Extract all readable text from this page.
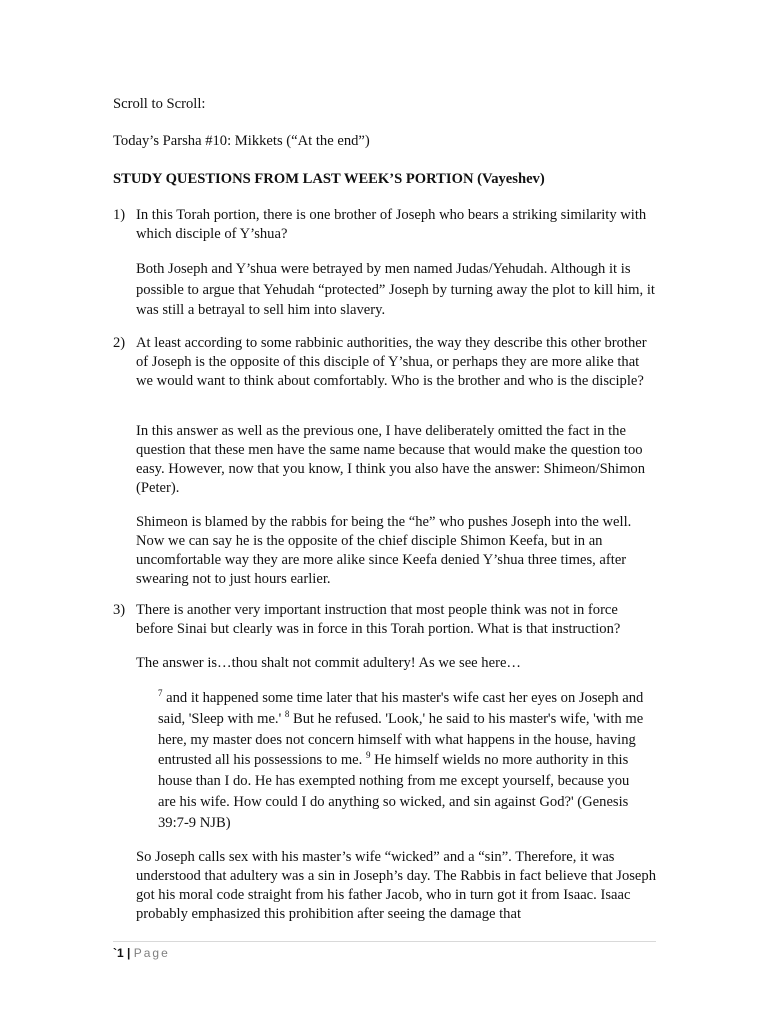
Scroll to Scroll:

Today’s Parsha #10: Mikkets (“At the end”)

STUDY QUESTIONS FROM LAST WEEK’S PORTION (Vayeshev)

1) In this Torah portion, there is one brother of Joseph who bears a striking similarity with which disciple of Y’shua?

Both Joseph and Y’shua were betrayed by men named Judas/Yehudah. Although it is possible to argue that Yehudah “protected” Joseph by turning away the plot to kill him, it was still a betrayal to sell him into slavery.

2) At least according to some rabbinic authorities, the way they describe this other brother of Joseph is the opposite of this disciple of Y’shua, or perhaps they are more alike that we would want to think about comfortably. Who is the brother and who is the disciple?

In this answer as well as the previous one, I have deliberately omitted the fact in the question that these men have the same name because that would make the question too easy. However, now that you know, I think you also have the answer: Shimeon/Shimon (Peter).

Shimeon is blamed by the rabbis for being the “he” who pushes Joseph into the well. Now we can say he is the opposite of the chief disciple Shimon Keefa, but in an uncomfortable way they are more alike since Keefa denied Y’shua three times, after swearing not to just hours earlier.

3) There is another very important instruction that most people think was not in force before Sinai but clearly was in force in this Torah portion. What is that instruction?

The answer is…thou shalt not commit adultery! As we see here…

$^7$ and it happened some time later that his master's wife cast her eyes on Joseph and said, 'Sleep with me.' $^8$ But he refused. 'Look,' he said to his master's wife, 'with me here, my master does not concern himself with what happens in the house, having entrusted all his possessions to me. $^9$ He himself wields no more authority in this house than I do. He has exempted nothing from me except yourself, because you are his wife. How could I do anything so wicked, and sin against God?' (Genesis 39:7-9 NJB)

So Joseph calls sex with his master’s wife “wicked” and a “sin”. Therefore, it was understood that adultery was a sin in Joseph’s day. The Rabbis in fact believe that Joseph got his moral code straight from his father Jacob, who in turn got it from Isaac. Isaac probably emphasized this prohibition after seeing the damage that

`1 | Page
